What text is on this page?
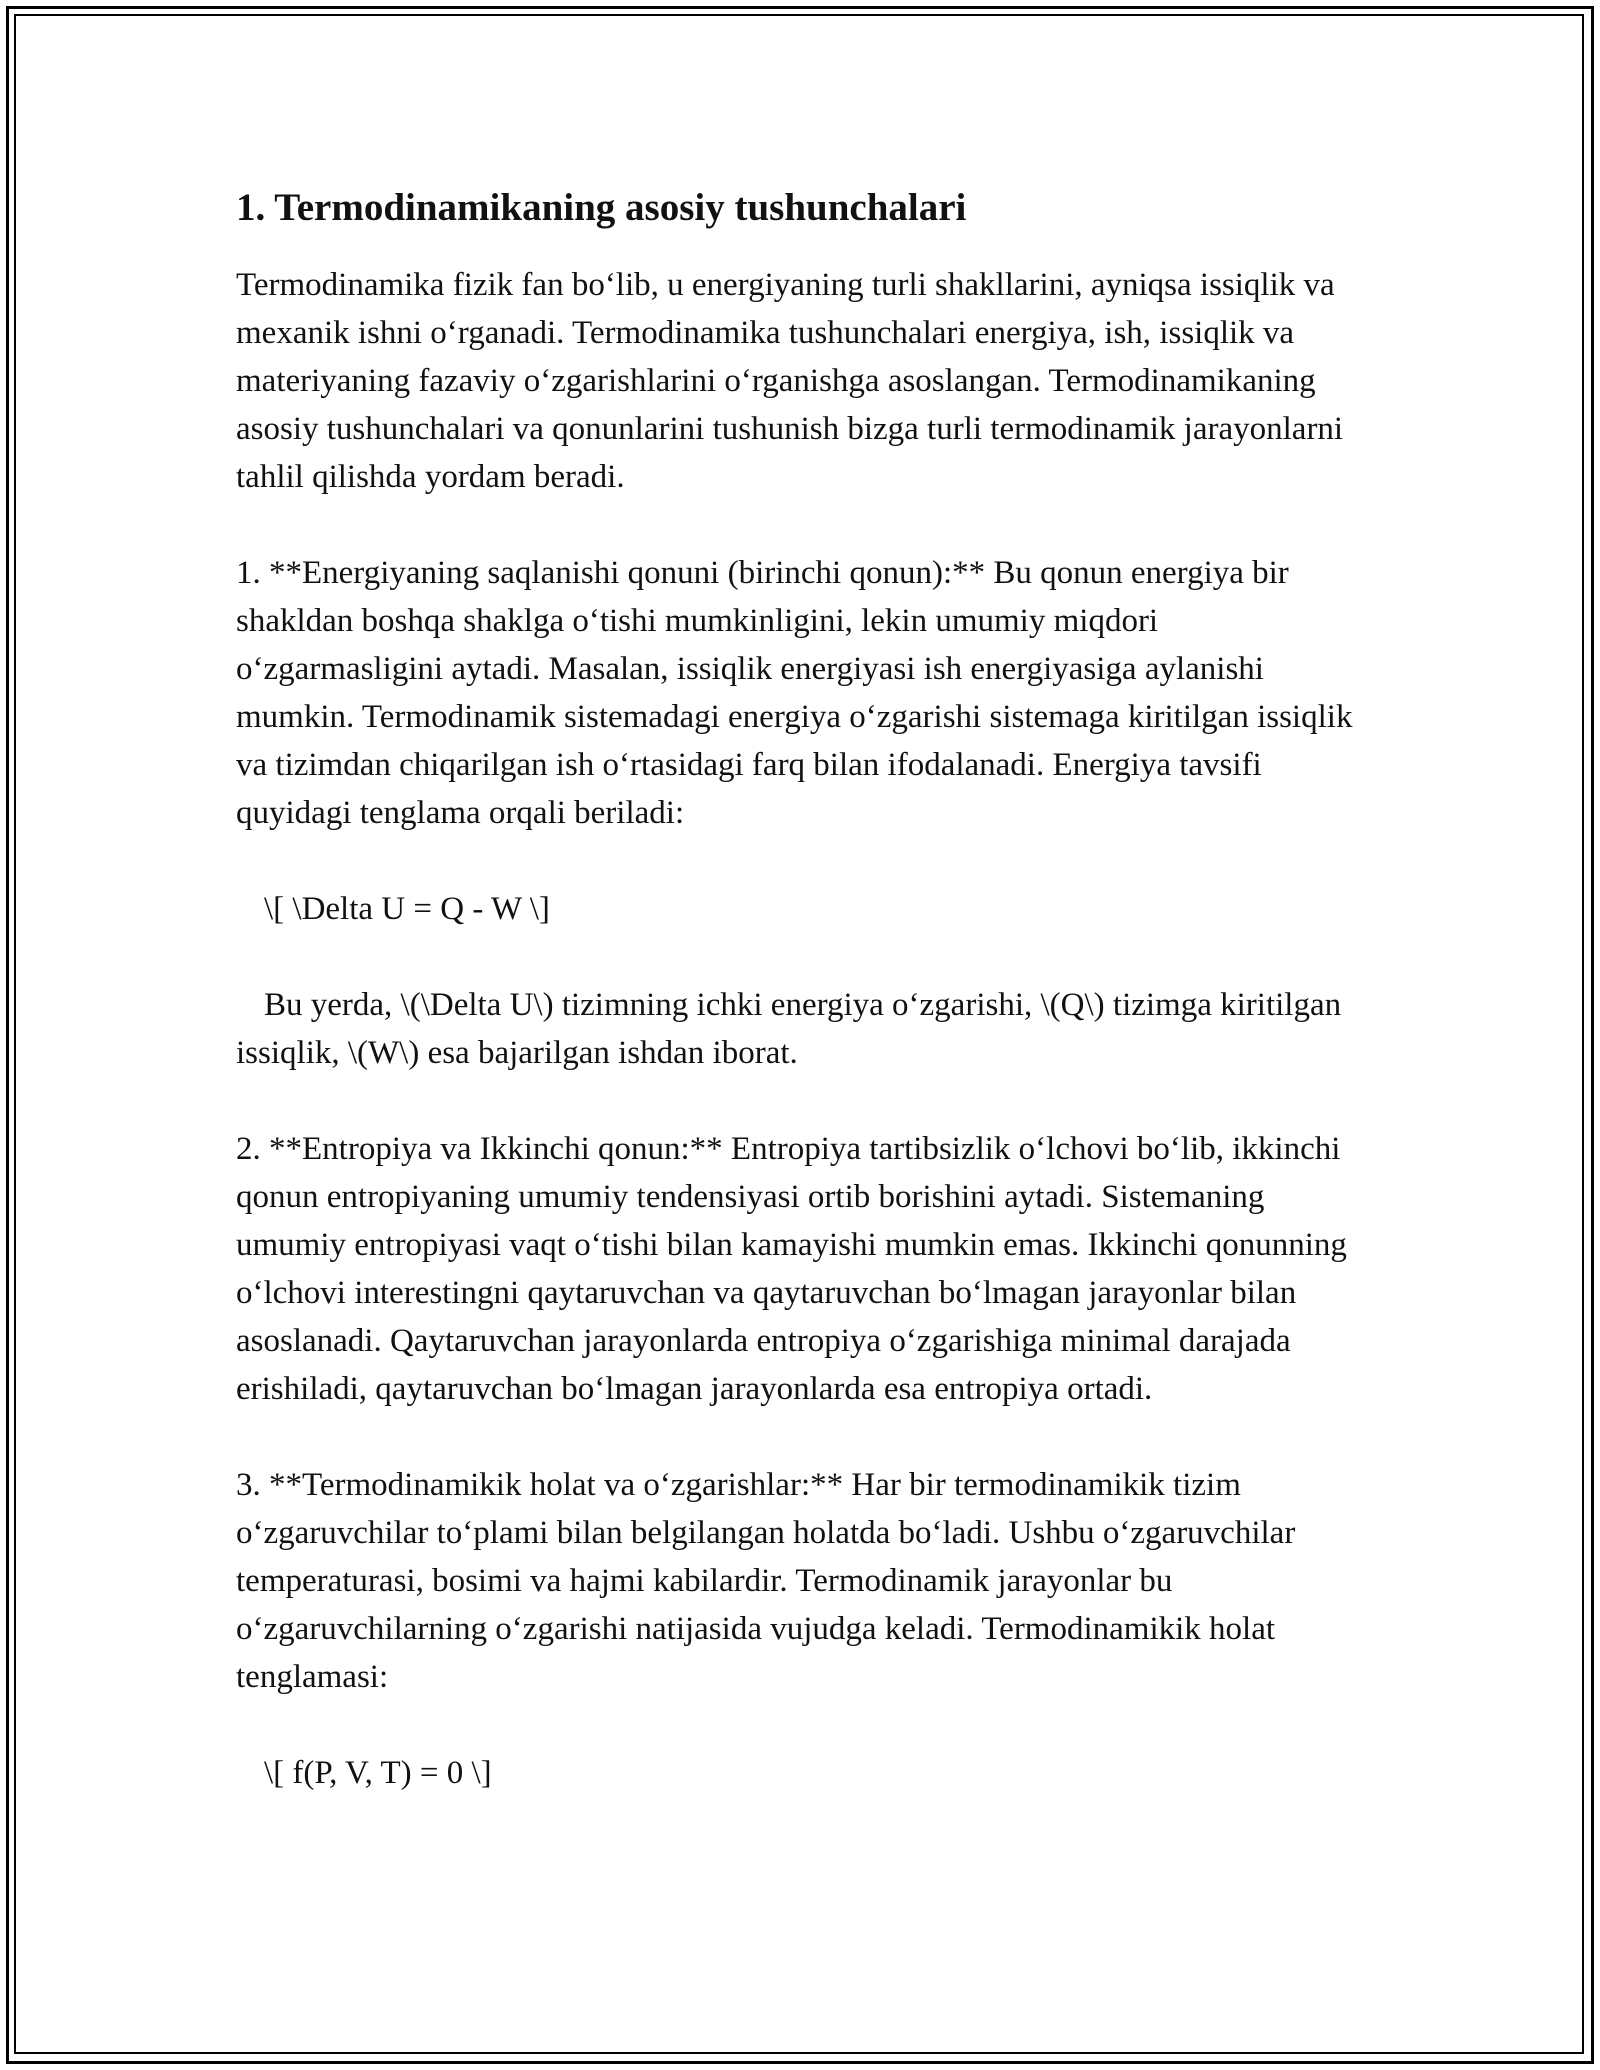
1. Termodinamikaning asosiy tushunchalari

Termodinamika fizik fan bo‘lib, u energiyaning turli shakllarini, ayniqsa issiqlik va mexanik ishni o‘rganadi. Termodinamika tushunchalari energiya, ish, issiqlik va materiyaning fazaviy o‘zgarishlarini o‘rganishga asoslangan. Termodinamikaning asosiy tushunchalari va qonunlarini tushunish bizga turli termodinamik jarayonlarni tahlil qilishda yordam beradi.

1. **Energiyaning saqlanishi qonuni (birinchi qonun):** Bu qonun energiya bir shakldan boshqa shaklga o‘tishi mumkinligini, lekin umumiy miqdori o‘zgarmasligini aytadi. Masalan, issiqlik energiyasi ish energiyasiga aylanishi mumkin. Termodinamik sistemadagi energiya o‘zgarishi sistemaga kiritilgan issiqlik va tizimdan chiqarilgan ish o‘rtasidagi farq bilan ifodalanadi. Energiya tavsifi quyidagi tenglama orqali beriladi:

\[ \Delta U = Q - W \]

Bu yerda, \(\Delta U\) tizimning ichki energiya o‘zgarishi, \(Q\) tizimga kiritilgan issiqlik, \(W\) esa bajarilgan ishdan iborat.

2. **Entropiya va Ikkinchi qonun:** Entropiya tartibsizlik o‘lchovi bo‘lib, ikkinchi qonun entropiyaning umumiy tendensiyasi ortib borishini aytadi. Sistemaning umumiy entropiyasi vaqt o‘tishi bilan kamayishi mumkin emas. Ikkinchi qonunning o‘lchovi interestingni qaytaruvchan va qaytaruvchan bo‘lmagan jarayonlar bilan asoslanadi. Qaytaruvchan jarayonlarda entropiya o‘zgarishiga minimal darajada erishiladi, qaytaruvchan bo‘lmagan jarayonlarda esa entropiya ortadi.

3. **Termodinamikik holat va o‘zgarishlar:** Har bir termodinamikik tizim o‘zgaruvchilar to‘plami bilan belgilangan holatda bo‘ladi. Ushbu o‘zgaruvchilar temperaturasi, bosimi va hajmi kabilardir. Termodinamik jarayonlar bu o‘zgaruvchilarning o‘zgarishi natijasida vujudga keladi. Termodinamikik holat tenglamasi:

\[ f(P, V, T) = 0 \]
